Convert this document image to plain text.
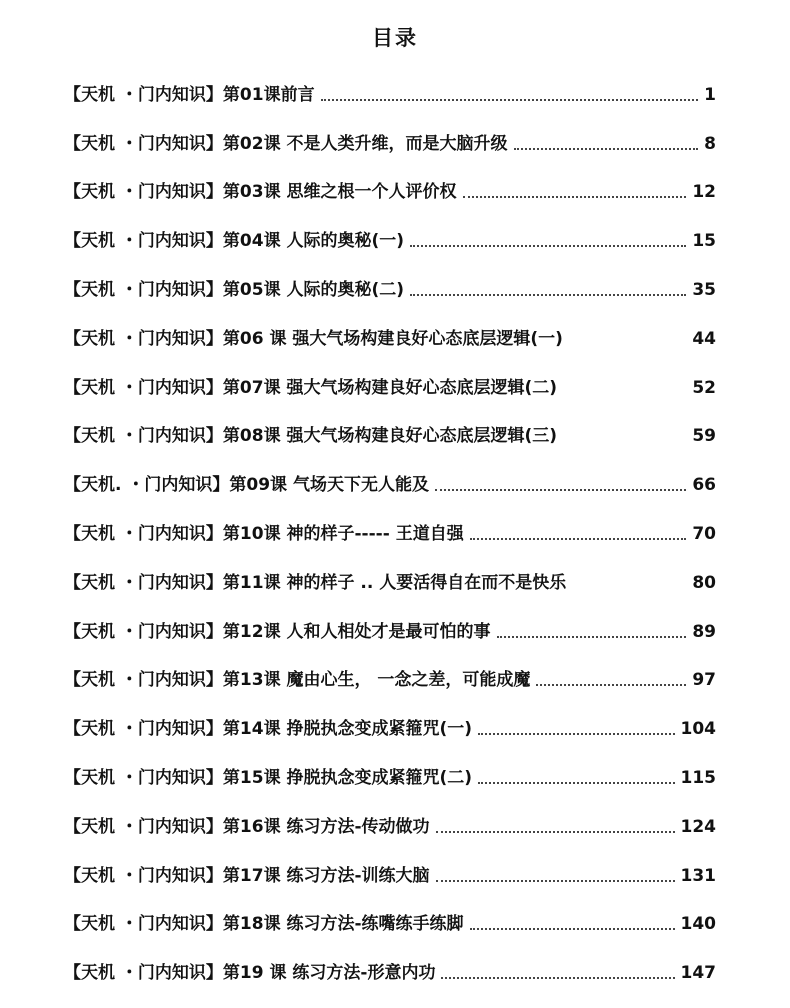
目录
【天机 ・门内知识】第01课前言	1
【天机 ・门内知识】第02课 不是人类升维，而是大脑升级	8
【天机 ・门内知识】第03课 思维之根一个人评价权	12
【天机 ・门内知识】第04课 人际的奥秘(一)	15
【天机 ・门内知识】第05课 人际的奥秘(二)	35
【天机 ・门内知识】第06 课 强大气场构建良好心态底层逻辑(一)	44
【天机 ・门内知识】第07课 强大气场构建良好心态底层逻辑(二)	52
【天机 ・门内知识】第08课 强大气场构建良好心态底层逻辑(三)	59
【天机. ・门内知识】第09课 气场天下无人能及	66
【天机 ・门内知识】第10课 神的样子----- 王道自强	70
【天机 ・门内知识】第11课 神的样子 .. 人要活得自在而不是快乐	80
【天机 ・门内知识】第12课 人和人相处才是最可怕的事	89
【天机 ・门内知识】第13课 魔由心生， 一念之差，可能成魔	97
【天机 ・门内知识】第14课 挣脱执念变成紧箍咒(一)	104
【天机 ・门内知识】第15课 挣脱执念变成紧箍咒(二)	115
【天机 ・门内知识】第16课 练习方法-传动做功	124
【天机 ・门内知识】第17课 练习方法-训练大脑	131
【天机 ・门内知识】第18课 练习方法-练嘴练手练脚	140
【天机 ・门内知识】第19 课 练习方法-形意内功	147
